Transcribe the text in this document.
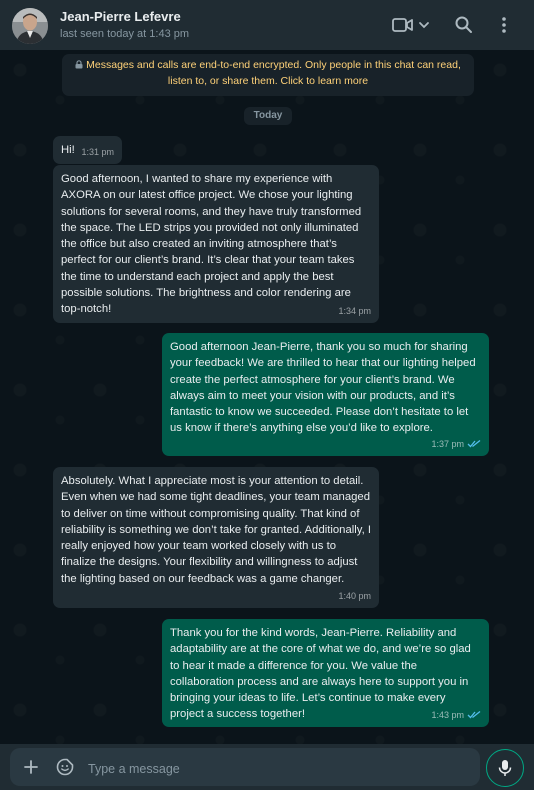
Jean-Pierre Lefevre
last seen today at 1:43 pm
Messages and calls are end-to-end encrypted. Only people in this chat can read, listen to, or share them. Click to learn more
Today
Hi! 1:31 pm
Good afternoon, I wanted to share my experience with AXORA on our latest office project. We chose your lighting solutions for several rooms, and they have truly transformed the space. The LED strips you provided not only illuminated the office but also created an inviting atmosphere that’s perfect for our client’s brand. It’s clear that your team takes the time to understand each project and apply the best possible solutions. The brightness and color rendering are top-notch!	1:34 pm
Good afternoon Jean-Pierre, thank you so much for sharing your feedback! We are thrilled to hear that our lighting helped create the perfect atmosphere for your client’s brand. We always aim to meet your vision with our products, and it’s fantastic to know we succeeded. Please don’t hesitate to let us know if there’s anything else you’d like to explore.
1:37 pm
Absolutely. What I appreciate most is your attention to detail. Even when we had some tight deadlines, your team managed to deliver on time without compromising quality. That kind of reliability is something we don’t take for granted. Additionally, I really enjoyed how your team worked closely with us to finalize the designs. Your flexibility and willingness to adjust the lighting based on our feedback was a game changer.
1:40 pm
Thank you for the kind words, Jean-Pierre. Reliability and adaptability are at the core of what we do, and we’re so glad to hear it made a difference for you. We value the collaboration process and are always here to support you in bringing your ideas to life. Let’s continue to make every project a success together!	1:43 pm
Type a message
